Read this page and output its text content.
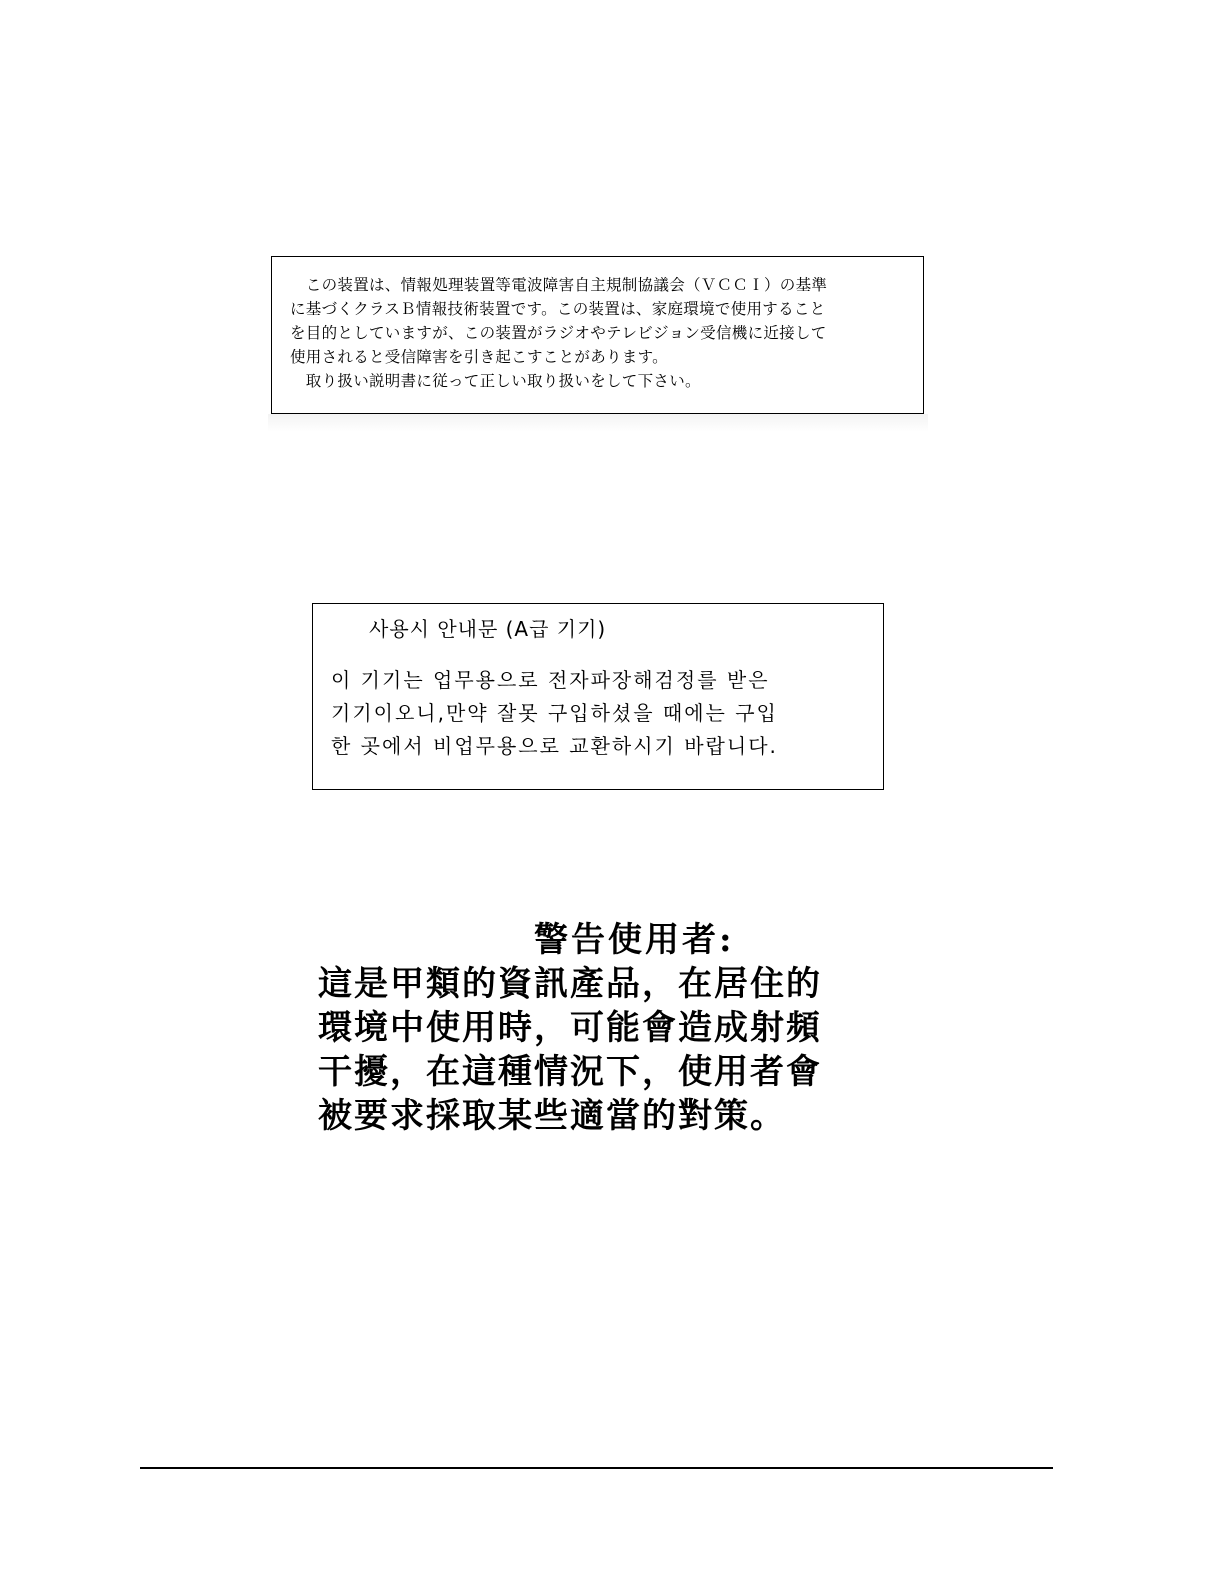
　この装置は、情報処理装置等電波障害自主規制協議会（ＶＣＣＩ）の基準
に基づくクラスＢ情報技術装置です。この装置は、家庭環境で使用すること
を目的としていますが、この装置がラジオやテレビジョン受信機に近接して
使用されると受信障害を引き起こすことがあります。
　取り扱い説明書に従って正しい取り扱いをして下さい。
사용시 안내문 (A급 기기)
이 기기는 업무용으로 전자파장해검정를 받은
기기이오니,만약 잘못 구입하셨을 때에는 구입
한 곳에서 비업무용으로 교환하시기 바랍니다.
警告使用者:
這是甲類的資訊產品，在居住的
環境中使用時，可能會造成射頻
干擾，在這種情況下，使用者會
被要求採取某些適當的對策。
